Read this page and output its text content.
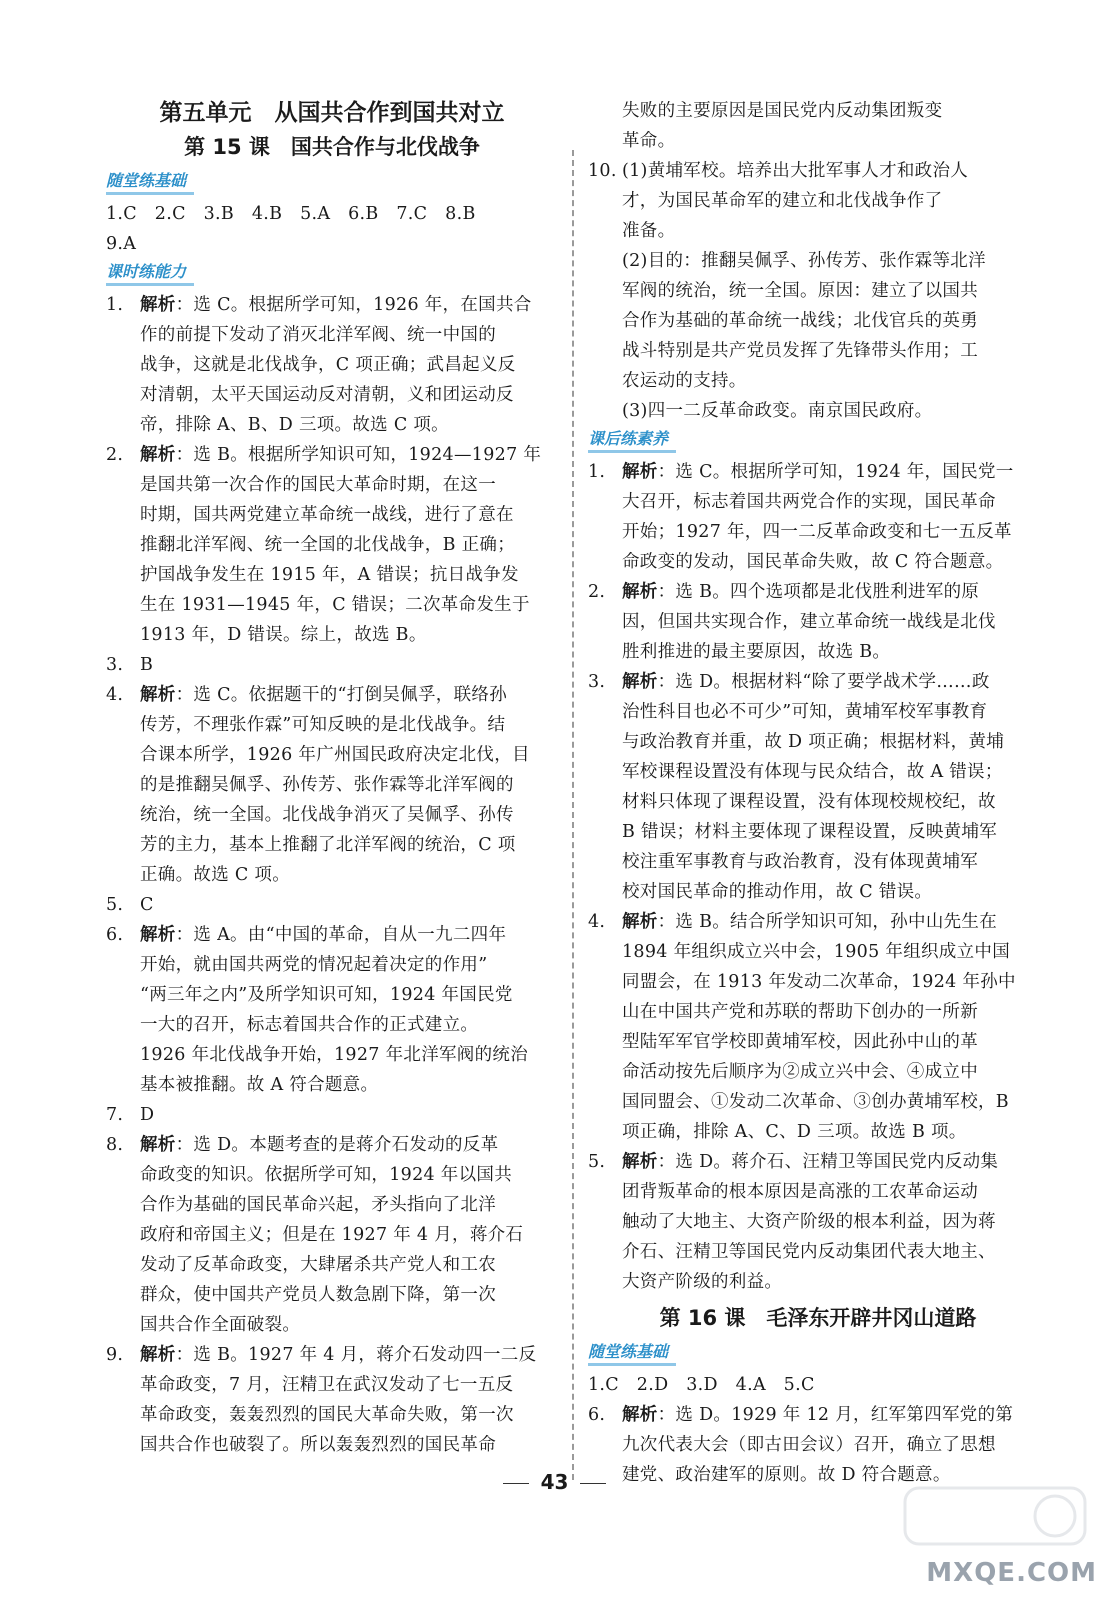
第五单元　从国共合作到国共对立
第 15 课　国共合作与北伐战争
随堂练基础

1.C　2.C　3.B　4.B　5.A　6.B　7.C　8.B

9.A

课时练能力

1. 解析：选 C。根据所学可知，1926 年，在国共合

作的前提下发动了消灭北洋军阀、统一中国的

战争，这就是北伐战争，C 项正确；武昌起义反

对清朝，太平天国运动反对清朝，义和团运动反

帝，排除 A、B、D 三项。故选 C 项。

2. 解析：选 B。根据所学知识可知，1924—1927 年

是国共第一次合作的国民大革命时期，在这一

时期，国共两党建立革命统一战线，进行了意在

推翻北洋军阀、统一全国的北伐战争，B 正确；

护国战争发生在 1915 年，A 错误；抗日战争发

生在 1931—1945 年，C 错误；二次革命发生于

1913 年，D 错误。综上，故选 B。

3. B

4. 解析：选 C。依据题干的“打倒吴佩孚，联络孙

传芳，不理张作霖”可知反映的是北伐战争。结

合课本所学，1926 年广州国民政府决定北伐，目

的是推翻吴佩孚、孙传芳、张作霖等北洋军阀的

统治，统一全国。北伐战争消灭了吴佩孚、孙传

芳的主力，基本上推翻了北洋军阀的统治，C 项

正确。故选 C 项。

5. C

6. 解析：选 A。由“中国的革命，自从一九二四年

开始，就由国共两党的情况起着决定的作用”

“两三年之内”及所学知识可知，1924 年国民党

一大的召开，标志着国共合作的正式建立。

1926 年北伐战争开始，1927 年北洋军阀的统治

基本被推翻。故 A 符合题意。

7. D

8. 解析：选 D。本题考查的是蒋介石发动的反革

命政变的知识。依据所学可知，1924 年以国共

合作为基础的国民革命兴起，矛头指向了北洋

政府和帝国主义；但是在 1927 年 4 月，蒋介石

发动了反革命政变，大肆屠杀共产党人和工农

群众，使中国共产党员人数急剧下降，第一次

国共合作全面破裂。

9. 解析：选 B。1927 年 4 月，蒋介石发动四一二反

革命政变，7 月，汪精卫在武汉发动了七一五反

革命政变，轰轰烈烈的国民大革命失败，第一次

国共合作也破裂了。所以轰轰烈烈的国民革命

失败的主要原因是国民党内反动集团叛变

革命。

10. (1)黄埔军校。培养出大批军事人才和政治人

才，为国民革命军的建立和北伐战争作了

准备。

(2)目的：推翻吴佩孚、孙传芳、张作霖等北洋

军阀的统治，统一全国。原因：建立了以国共

合作为基础的革命统一战线；北伐官兵的英勇

战斗特别是共产党员发挥了先锋带头作用；工

农运动的支持。

(3)四一二反革命政变。南京国民政府。

课后练素养

1. 解析：选 C。根据所学可知，1924 年，国民党一

大召开，标志着国共两党合作的实现，国民革命

开始；1927 年，四一二反革命政变和七一五反革

命政变的发动，国民革命失败，故 C 符合题意。

2. 解析：选 B。四个选项都是北伐胜利进军的原

因，但国共实现合作，建立革命统一战线是北伐

胜利推进的最主要原因，故选 B。

3. 解析：选 D。根据材料“除了要学战术学……政

治性科目也必不可少”可知，黄埔军校军事教育

与政治教育并重，故 D 项正确；根据材料，黄埔

军校课程设置没有体现与民众结合，故 A 错误；

材料只体现了课程设置，没有体现校规校纪，故

B 错误；材料主要体现了课程设置，反映黄埔军

校注重军事教育与政治教育，没有体现黄埔军

校对国民革命的推动作用，故 C 错误。

4. 解析：选 B。结合所学知识可知，孙中山先生在

1894 年组织成立兴中会，1905 年组织成立中国

同盟会，在 1913 年发动二次革命，1924 年孙中

山在中国共产党和苏联的帮助下创办的一所新

型陆军军官学校即黄埔军校，因此孙中山的革

命活动按先后顺序为②成立兴中会、④成立中

国同盟会、①发动二次革命、③创办黄埔军校，B

项正确，排除 A、C、D 三项。故选 B 项。

5. 解析：选 D。蒋介石、汪精卫等国民党内反动集

团背叛革命的根本原因是高涨的工农革命运动

触动了大地主、大资产阶级的根本利益，因为蒋

介石、汪精卫等国民党内反动集团代表大地主、

大资产阶级的利益。

第 16 课　毛泽东开辟井冈山道路
随堂练基础

1.C　2.D　3.D　4.A　5.C

6. 解析：选 D。1929 年 12 月，红军第四军党的第

九次代表大会（即古田会议）召开，确立了思想

建党、政治建军的原则。故 D 符合题意。

43
MXQE.COM
